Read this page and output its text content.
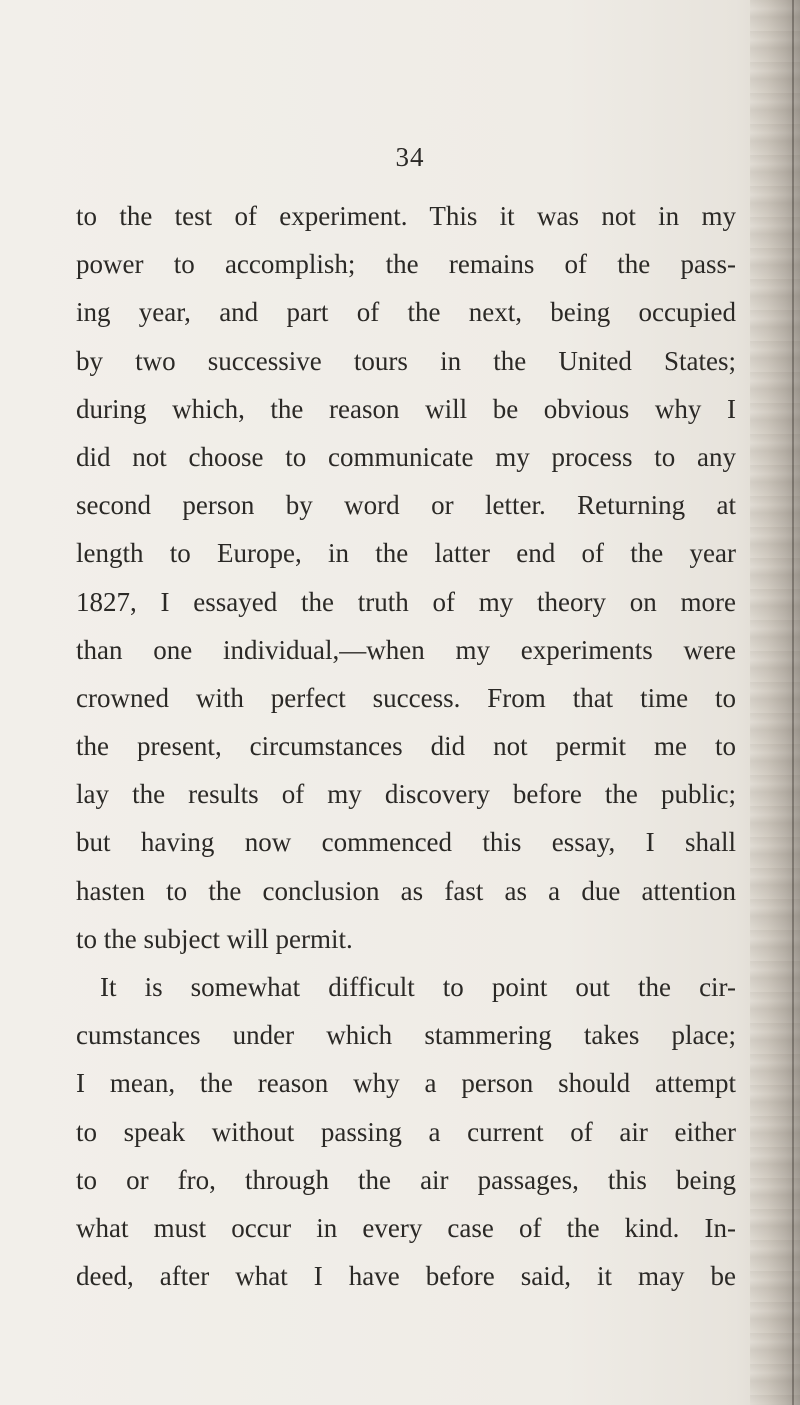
34
to the test of experiment. This it was not in my
power to accomplish; the remains of the pass-
ing year, and part of the next, being occupied
by two successive tours in the United States;
during which, the reason will be obvious why I
did not choose to communicate my process to any
second person by word or letter. Returning at
length to Europe, in the latter end of the year
1827, I essayed the truth of my theory on more
than one individual,—when my experiments were
crowned with perfect success. From that time to
the present, circumstances did not permit me to
lay the results of my discovery before the public;
but having now commenced this essay, I shall
hasten to the conclusion as fast as a due attention
to the subject will permit.
It is somewhat difficult to point out the cir-
cumstances under which stammering takes place;
I mean, the reason why a person should attempt
to speak without passing a current of air either
to or fro, through the air passages, this being
what must occur in every case of the kind. In-
deed, after what I have before said, it may be
